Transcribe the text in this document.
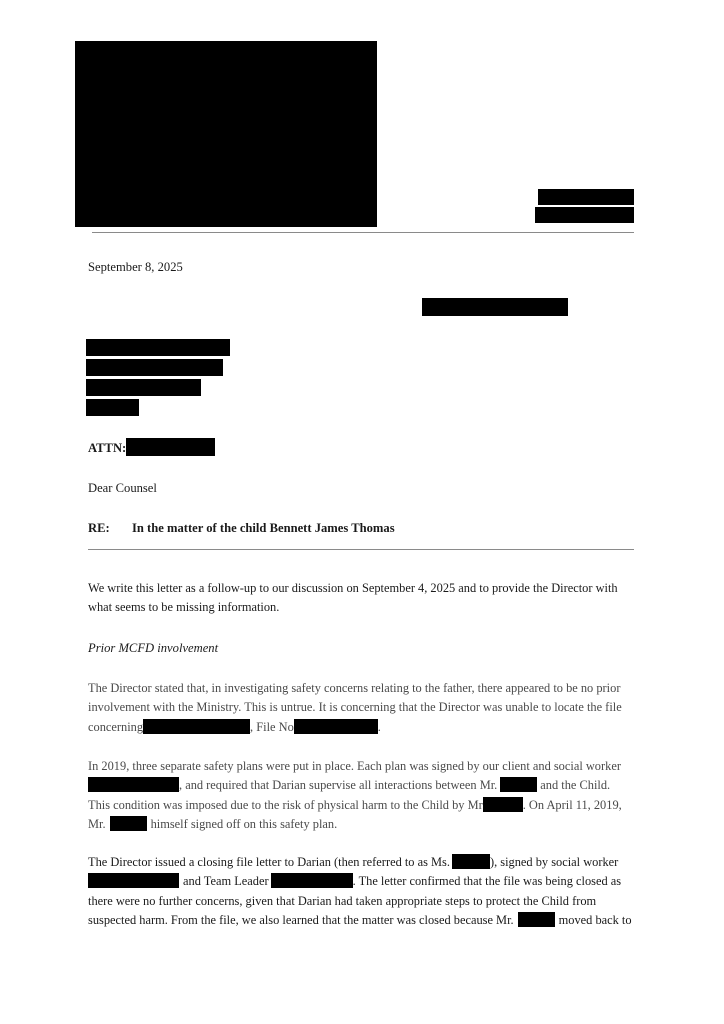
September 8, 2025
ATTN:
Dear Counsel
RE: In the matter of the child Bennett James Thomas

We write this letter as a follow-up to our discussion on September 4, 2025 and to provide the Director with
what seems to be missing information.

Prior MCFD involvement

The Director stated that, in investigating safety concerns relating to the father, there appeared to be no prior
involvement with the Ministry. This is untrue. It is concerning that the Director was unable to locate the file
concerning	, File No	.

In 2019, three separate safety plans were put in place. Each plan was signed by our client and social worker
, and required that Darian supervise all interactions between Mr.	and the Child.
This condition was imposed due to the risk of physical harm to the Child by Mr	. On April 11, 2019,
Mr.	himself signed off on this safety plan.

The Director issued a closing file letter to Darian (then referred to as Ms.	), signed by social worker
and Team Leader	. The letter confirmed that the file was being closed as
there were no further concerns, given that Darian had taken appropriate steps to protect the Child from
suspected harm. From the file, we also learned that the matter was closed because Mr.	moved back to
